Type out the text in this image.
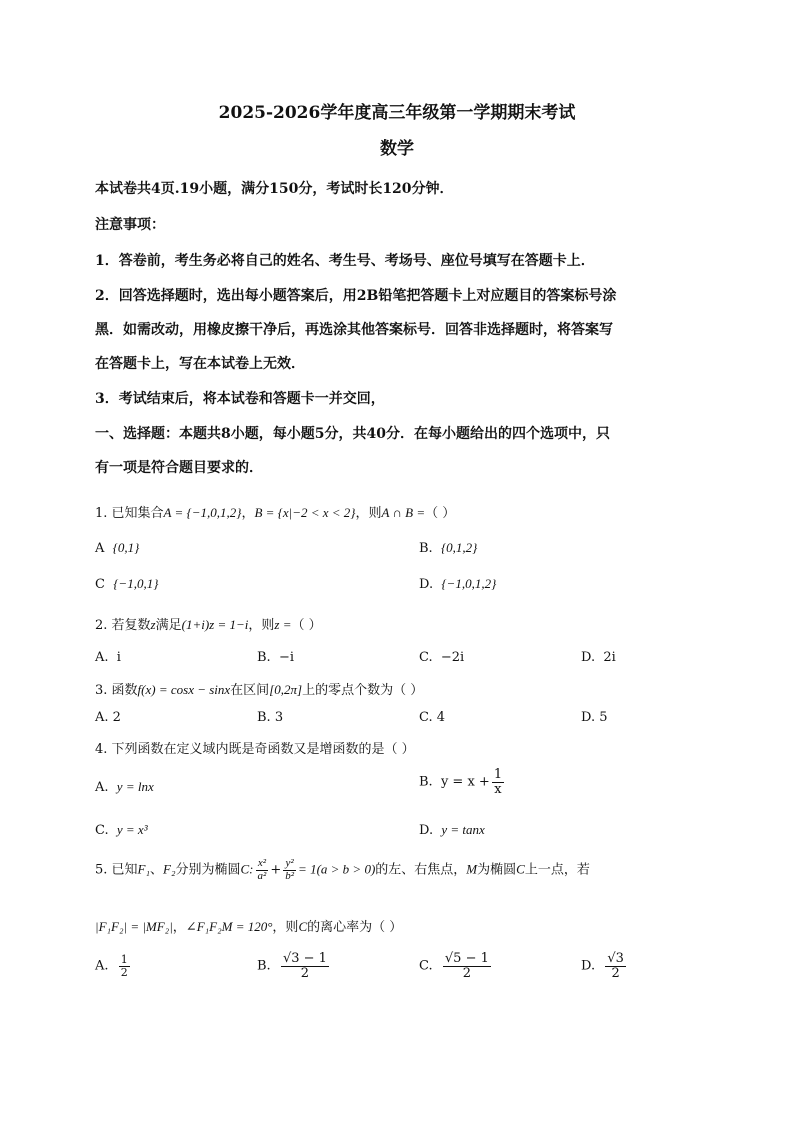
2025-2026学年度高三年级第一学期期末考试
数学
本试卷共4页.19小题，满分150分，考试时长120分钟．
注意事项：
1．答卷前，考生务必将自己的姓名、考生号、考场号、座位号填写在答题卡上．
2．回答选择题时，选出每小题答案后，用2B铅笔把答题卡上对应题目的答案标号涂
黑．如需改动，用橡皮擦干净后，再选涂其他答案标号．回答非选择题时，将答案写
在答题卡上，写在本试卷上无效．
3．考试结束后，将本试卷和答题卡一并交回，
一、选择题：本题共8小题，每小题5分，共40分．在每小题给出的四个选项中，只
有一项是符合题目要求的．
1. 已知集合A = {−1,0,1,2}，B = {x|−2 < x < 2}，则A ∩ B =（ ）
A {0,1}	B. {0,1,2}
C {−1,0,1}	D. {−1,0,1,2}
2. 若复数z满足(1+i)z = 1−i，则z =（ ）
A. i	B. −i	C. −2i	D. 2i
3. 函数f(x) = cosx − sinx在区间[0,2π]上的零点个数为（ ）
A. 2	B. 3	C. 4	D. 5
4. 下列函数在定义域内既是奇函数又是增函数的是（ ）
A. y = lnx	B. $y = x + \frac{1}{x}$
C. y = x³	D. y = tanx
5. 已知F₁、F₂分别为椭圆C: $\frac{\text{x²}}{\text{a²}} + \frac{\text{y²}}{\text{b²}} = 1(a > b > 0)$的左、右焦点，M为椭圆C上一点，若
|F₁F₂| = |MF₂|，∠F₁F₂M = 120°，则C的离心率为（ ）
A. $\frac{1}{2}$	B. $\frac{√3 - 1}{2}$	C. $\frac{√5 - 1}{2}$	D. $\frac{√3}{2}$
